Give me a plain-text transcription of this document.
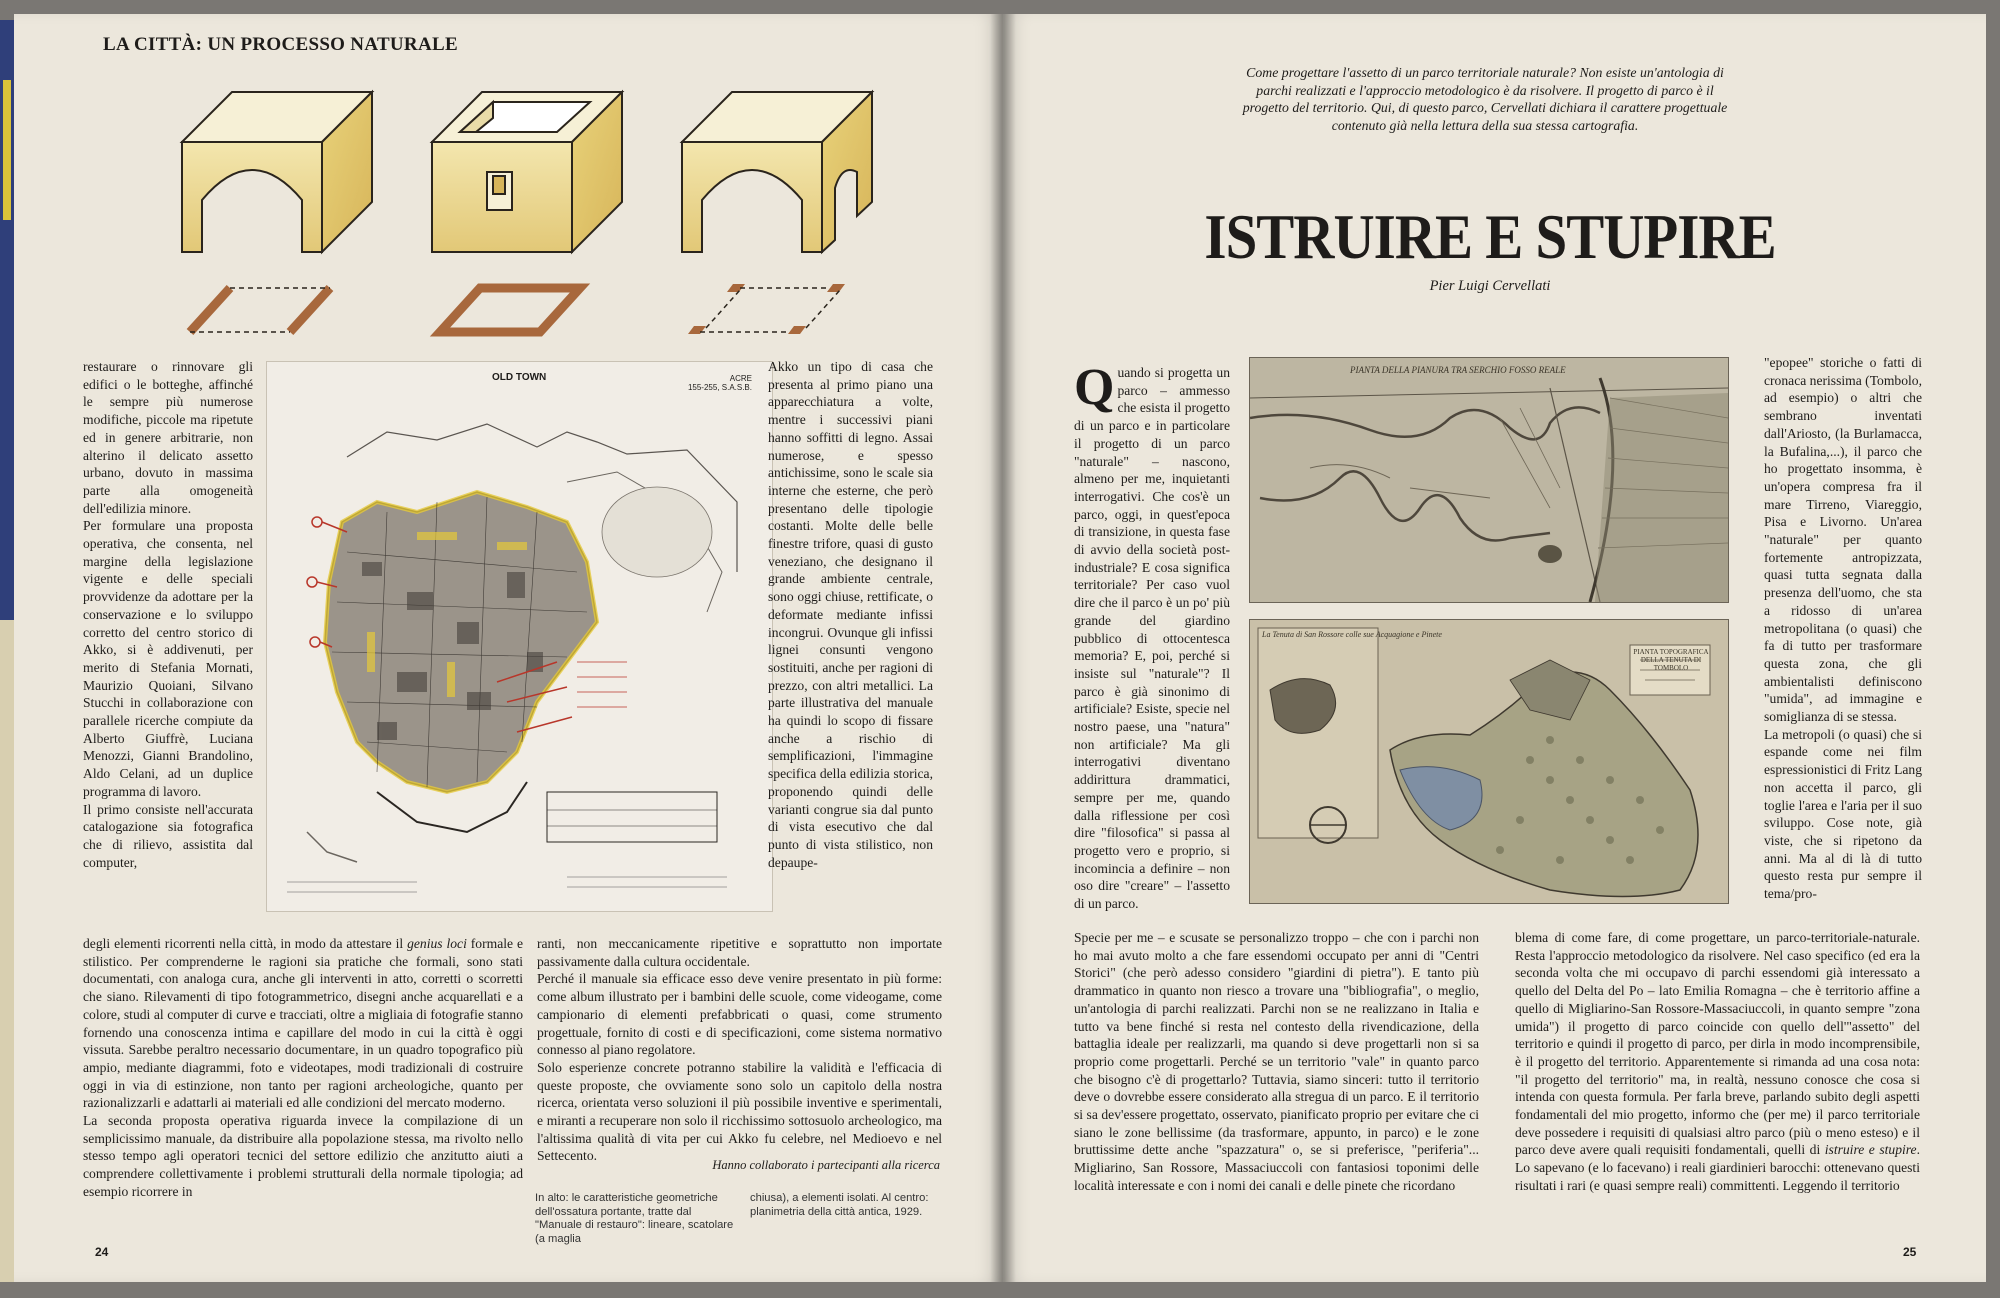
LA CITTÀ: UN PROCESSO NATURALE

restaurare o rinnovare gli edifici o le botteghe, affinché le sempre più numerose modifiche, piccole ma ripetute ed in genere arbitrarie, non alterino il delicato assetto urbano, dovuto in massima parte alla omogeneità dell'edilizia minore.

Per formulare una proposta operativa, che consenta, nel margine della legislazione vigente e delle speciali provvidenze da adottare per la conservazione e lo sviluppo corretto del centro storico di Akko, si è addivenuti, per merito di Stefania Mornati, Maurizio Quoiani, Silvano Stucchi in collaborazione con parallele ricerche compiute da Alberto Giuffrè, Luciana Menozzi, Gianni Brandolino, Aldo Celani, ad un duplice programma di lavoro.

Il primo consiste nell'accurata catalogazione sia fotografica che di rilievo, assistita dal computer,

degli elementi ricorrenti nella città, in modo da attestare il genius loci formale e stilistico. Per comprenderne le ragioni sia pratiche che formali, sono stati documentati, con analoga cura, anche gli interventi in atto, corretti o scorretti che siano. Rilevamenti di tipo fotogrammetrico, disegni anche acquarellati e a colore, studi al computer di curve e tracciati, oltre a migliaia di fotografie stanno fornendo una conoscenza intima e capillare del modo in cui la città è oggi vissuta. Sarebbe peraltro necessario documentare, in un quadro topografico più ampio, mediante diagrammi, foto e videotapes, modi tradizionali di costruire oggi in via di estinzione, non tanto per ragioni archeologiche, quanto per razionalizzarli e adattarli ai materiali ed alle condizioni del mercato moderno.

La seconda proposta operativa riguarda invece la compilazione di un semplicissimo manuale, da distribuire alla popolazione stessa, ma rivolto nello stesso tempo agli operatori tecnici del settore edilizio che anzitutto aiuti a comprendere collettivamente i problemi strutturali della normale tipologia; ad esempio ricorrere in

OLD TOWN	ACRE
155-255, S.A.S.B.
Akko un tipo di casa che presenta al primo piano una apparecchiatura a volte, mentre i successivi piani hanno soffitti di legno. Assai numerose, e spesso antichissime, sono le scale sia interne che esterne, che però presentano delle tipologie costanti. Molte delle belle finestre trifore, quasi di gusto veneziano, che designano il grande ambiente centrale, sono oggi chiuse, rettificate, o deformate mediante infissi incongrui. Ovunque gli infissi lignei consunti vengono sostituiti, anche per ragioni di prezzo, con altri metallici. La parte illustrativa del manuale ha quindi lo scopo di fissare anche a rischio di semplificazioni, l'immagine specifica della edilizia storica, proponendo quindi delle varianti congrue sia dal punto di vista esecutivo che dal punto di vista stilistico, non depaupe-

ranti, non meccanicamente ripetitive e soprattutto non importate passivamente dalla cultura occidentale.

Perché il manuale sia efficace esso deve venire presentato in più forme: come album illustrato per i bambini delle scuole, come videogame, come campionario di elementi prefabbricati o quasi, come strumento progettuale, fornito di costi e di specificazioni, come sistema normativo connesso al piano regolatore.

Solo esperienze concrete potranno stabilire la validità e l'efficacia di queste proposte, che ovviamente sono solo un capitolo della nostra ricerca, orientata verso soluzioni il più possibile inventive e sperimentali, e miranti a recuperare non solo il ricchissimo sottosuolo archeologico, ma l'altissima qualità di vita per cui Akko fu celebre, nel Medioevo e nel Settecento.

Hanno collaborato i partecipanti alla ricerca

In alto: le caratteristiche geometriche dell'ossatura portante, tratte dal "Manuale di restauro": lineare, scatolare (a maglia

chiusa), a elementi isolati. Al centro: planimetria della città antica, 1929.

24

Come progettare l'assetto di un parco territoriale naturale? Non esiste un'antologia di parchi realizzati e l'approccio metodologico è da risolvere. Il progetto di parco è il progetto del territorio. Qui, di questo parco, Cervellati dichiara il carattere progettuale contenuto già nella lettura della sua stessa cartografia.

ISTRUIRE E STUPIRE
Pier Luigi Cervellati
Quando si progetta un parco – ammesso che esista il progetto di un parco e in particolare il progetto di un parco "naturale" – nascono, almeno per me, inquietanti interrogativi. Che cos'è un parco, oggi, in quest'epoca di transizione, in questa fase di avvio della società post-industriale? E cosa significa territoriale? Per caso vuol dire che il parco è un po' più grande del giardino pubblico di ottocentesca memoria? E, poi, perché si insiste sul "naturale"? Il parco è già sinonimo di artificiale? Esiste, specie nel nostro paese, una "natura" non artificiale? Ma gli interrogativi diventano addirittura drammatici, sempre per me, quando dalla riflessione per così dire "filosofica" si passa al progetto vero e proprio, si incomincia a definire – non oso dire "creare" – l'assetto di un parco.
PIANTA DELLA PIANURA TRA SERCHIO FOSSO REALE
La Tenuta di San Rossore colle sue Acquagione e Pinete
PIANTA TOPOGRAFICA DELLA TENUTA DI TOMBOLO
Specie per me – e scusate se personalizzo troppo – che con i parchi non ho mai avuto molto a che fare essendomi occupato per anni di "Centri Storici" (che però adesso considero "giardini di pietra"). E tanto più drammatico in quanto non riesco a trovare una "bibliografia", o meglio, un'antologia di parchi realizzati. Parchi non se ne realizzano in Italia e tutto va bene finché si resta nel contesto della rivendicazione, della battaglia ideale per realizzarli, ma quando si deve progettarli non si sa proprio come progettarli. Perché se un territorio "vale" in quanto parco che bisogno c'è di progettarlo? Tuttavia, siamo sinceri: tutto il territorio deve o dovrebbe essere considerato alla stregua di un parco. E il territorio si sa dev'essere progettato, osservato, pianificato proprio per evitare che ci siano le zone bellissime (da trasformare, appunto, in parco) e le zone bruttissime dette anche "spazzatura" o, se si preferisce, "periferia"... Migliarino, San Rossore, Massaciuccoli con fantasiosi toponimi delle località interessate e con i nomi dei canali e delle pinete che ricordano

"epopee" storiche o fatti di cronaca nerissima (Tombolo, ad esempio) o altri che sembrano inventati dall'Ariosto, (la Burlamacca, la Bufalina,...), il parco che ho progettato insomma, è un'opera compresa fra il mare Tirreno, Viareggio, Pisa e Livorno. Un'area "naturale" per quanto fortemente antropizzata, quasi tutta segnata dalla presenza dell'uomo, che sta a ridosso di un'area metropolitana (o quasi) che fa di tutto per trasformare questa zona, che gli ambientalisti definiscono "umida", ad immagine e somiglianza di se stessa.

La metropoli (o quasi) che si espande come nei film espressionistici di Fritz Lang non accetta il parco, gli toglie l'area e l'aria per il suo sviluppo. Cose note, già viste, che si ripetono da anni. Ma al di là di tutto questo resta pur sempre il tema/pro-

blema di come fare, di come progettare, un parco-territoriale-naturale. Resta l'approccio metodologico da risolvere. Nel caso specifico (ed era la seconda volta che mi occupavo di parchi essendomi già interessato a quello del Delta del Po – lato Emilia Romagna – che è territorio affine a quello di Migliarino-San Rossore-Massaciuccoli, in quanto sempre "zona umida") il progetto di parco coincide con quello dell'"assetto" del territorio e quindi il progetto di parco, per dirla in modo incomprensibile, è il progetto del territorio. Apparentemente si rimanda ad una cosa nota: "il progetto del territorio" ma, in realtà, nessuno conosce che cosa si intenda con questa formula. Per farla breve, parlando subito degli aspetti fondamentali del mio progetto, informo che (per me) il parco territoriale deve possedere i requisiti di qualsiasi altro parco (più o meno esteso) e il parco deve avere quali requisiti fondamentali, quelli di istruire e stupire. Lo sapevano (e lo facevano) i reali giardinieri barocchi: ottenevano questi risultati i rari (e quasi sempre reali) committenti. Leggendo il territorio
25
